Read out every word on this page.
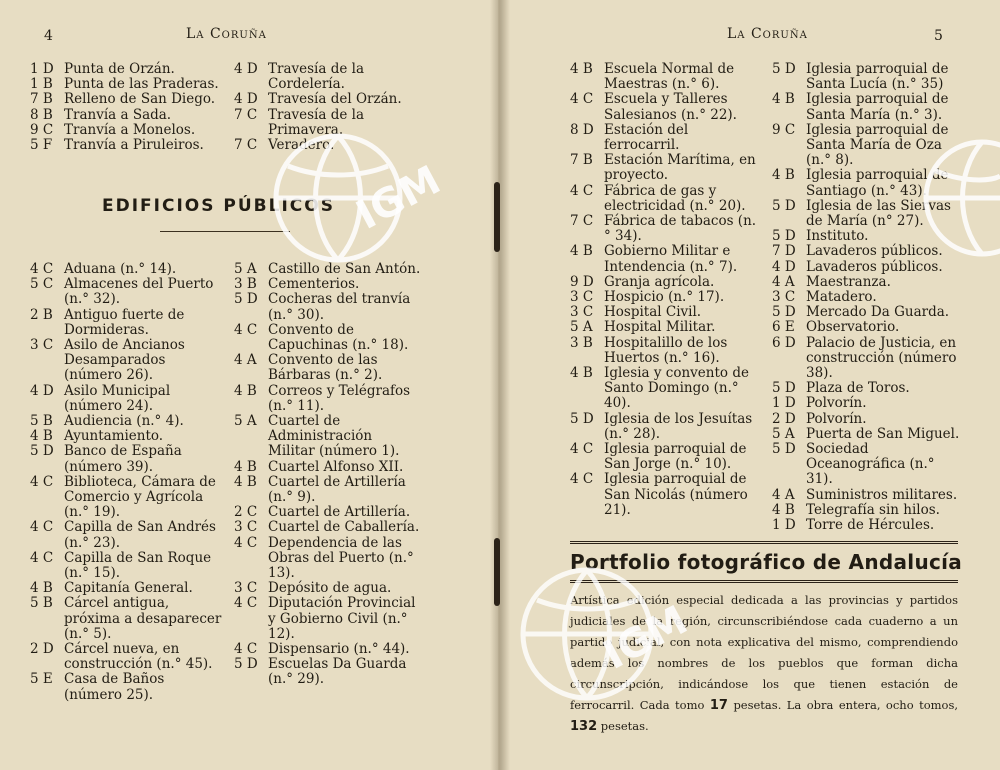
4	La Coruña
1 D Punta de Orzán.
1 B Punta de las Praderas.
7 B Relleno de San Diego.
8 B Tranvía a Sada.
9 C Tranvía a Monelos.
5 F Tranvía a Piruleiros.
4 D Travesía de la Cordelería.
4 D Travesía del Orzán.
7 C Travesía de la Primavera.
7 C Veradero.
EDIFICIOS PÚBLICOS
4 C Aduana (n.° 14).
5 C Almacenes del Puerto (n.° 32).
2 B Antiguo fuerte de Dormideras.
3 C Asilo de Ancianos Desamparados (número 26).
4 D Asilo Municipal (número 24).
5 B Audiencia (n.° 4).
4 B Ayuntamiento.
5 D Banco de España (número 39).
4 C Biblioteca, Cámara de Comercio y Agrícola (n.° 19).
4 C Capilla de San Andrés (n.° 23).
4 C Capilla de San Roque (n.° 15).
4 B Capitanía General.
5 B Cárcel antigua, próxima a desaparecer (n.° 5).
2 D Cárcel nueva, en construcción (n.° 45).
5 E Casa de Baños (número 25).
5 A Castillo de San Antón.
3 B Cementerios.
5 D Cocheras del tranvía (n.° 30).
4 C Convento de Capuchinas (n.° 18).
4 A Convento de las Bárbaras (n.° 2).
4 B Correos y Telégrafos (n.° 11).
5 A Cuartel de Administración Militar (número 1).
4 B Cuartel Alfonso XII.
4 B Cuartel de Artillería (n.° 9).
2 C Cuartel de Artillería.
3 C Cuartel de Caballería.
4 C Dependencia de las Obras del Puerto (n.° 13).
3 C Depósito de agua.
4 C Diputación Provincial y Gobierno Civil (n.° 12).
4 C Dispensario (n.° 44).
5 D Escuelas Da Guarda (n.° 29).
IGM
La Coruña	5
4 B Escuela Normal de Maestras (n.° 6).
4 C Escuela y Talleres Salesianos (n.° 22).
8 D Estación del ferrocarril.
7 B Estación Marítima, en proyecto.
4 C Fábrica de gas y electricidad (n.° 20).
7 C Fábrica de tabacos (n.° 34).
4 B Gobierno Militar e Intendencia (n.° 7).
9 D Granja agrícola.
3 C Hospicio (n.° 17).
3 C Hospital Civil.
5 A Hospital Militar.
3 B Hospitalillo de los Huertos (n.° 16).
4 B Iglesia y convento de Santo Domingo (n.° 40).
5 D Iglesia de los Jesuítas (n.° 28).
4 C Iglesia parroquial de San Jorge (n.° 10).
4 C Iglesia parroquial de San Nicolás (número 21).
5 D Iglesia parroquial de Santa Lucía (n.° 35)
4 B Iglesia parroquial de Santa María (n.° 3).
9 C Iglesia parroquial de Santa María de Oza (n.° 8).
4 B Iglesia parroquial de Santiago (n.° 43).
5 D Iglesia de las Siervas de María (n° 27).
5 D Instituto.
7 D Lavaderos públicos.
4 D Lavaderos públicos.
4 A Maestranza.
3 C Matadero.
5 D Mercado Da Guarda.
6 E Observatorio.
6 D Palacio de Justicia, en construcción (número 38).
5 D Plaza de Toros.
1 D Polvorín.
2 D Polvorín.
5 A Puerta de San Miguel.
5 D Sociedad Oceanográfica (n.° 31).
4 A Suministros militares.
4 B Telegrafía sin hilos.
1 D Torre de Hércules.
Portfolio fotográfico de Andalucía
Artística edición especial dedicada a las provincias y partidos judiciales de la región, circunscribiéndose cada cuaderno a un partido judicial, con nota explicativa del mismo, comprendiendo además los nombres de los pueblos que forman dicha circunscripción, indicándose los que tienen estación de ferrocarril. Cada tomo 17 pesetas. La obra entera, ocho tomos, 132 pesetas.
IGM
